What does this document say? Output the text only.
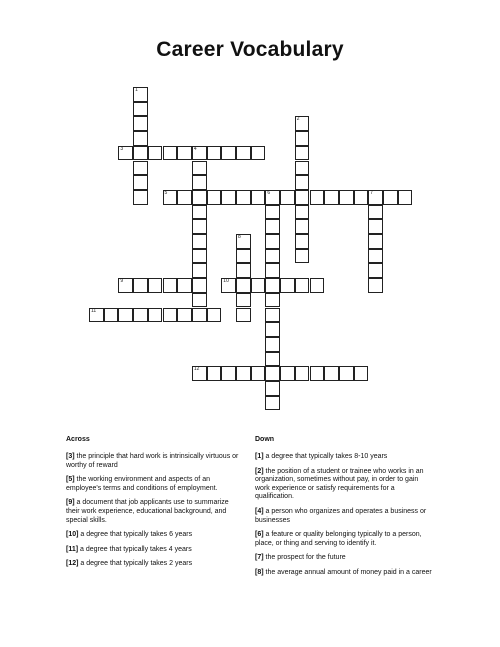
Career Vocabulary
1
2
3	4
5	6	7
8
9	10
11
12
Across
[3] the principle that hard work is intrinsically virtuous or worthy of reward
[5] the working environment and aspects of an employee's terms and conditions of employment.
[9] a document that job applicants use to summarize their work experience, educational background, and special skills.
[10] a degree that typically takes 6 years
[11] a degree that typically takes 4 years
[12] a degree that typically takes 2 years
Down
[1] a degree that typically takes 8-10 years
[2] the position of a student or trainee who works in an organization, sometimes without pay, in order to gain work experience or satisfy requirements for a qualification.
[4] a person who organizes and operates a business or businesses
[6] a feature or quality belonging typically to a person, place, or thing and serving to identify it.
[7] the prospect for the future
[8] the average annual amount of money paid in a career
